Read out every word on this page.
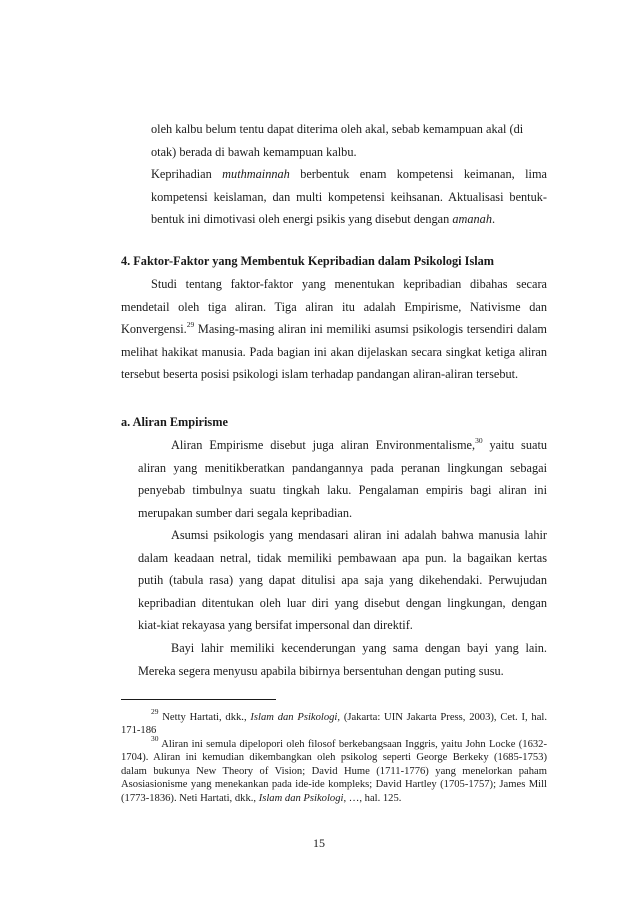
oleh kalbu belum tentu dapat diterima oleh akal, sebab kemampuan akal (di
otak) berada di bawah kemampuan kalbu.
Keprihadian muthmainnah berbentuk enam kompetensi keimanan, lima kompetensi keislaman, dan multi kompetensi keihsanan. Aktualisasi bentuk-bentuk ini dimotivasi oleh energi psikis yang disebut dengan amanah.
4. Faktor-Faktor yang Membentuk Kepribadian dalam Psikologi Islam
Studi tentang faktor-faktor yang menentukan kepribadian dibahas secara mendetail oleh tiga aliran. Tiga aliran itu adalah Empirisme, Nativisme dan Konvergensi.$^{29}$ Masing-masing aliran ini memiliki asumsi psikologis tersendiri dalam melihat hakikat manusia. Pada bagian ini akan dijelaskan secara singkat ketiga aliran tersebut beserta posisi psikologi islam terhadap pandangan aliran-aliran tersebut.
a. Aliran Empirisme
Aliran Empirisme disebut juga aliran Environmentalisme,$^{30}$ yaitu suatu aliran yang menitikberatkan pandangannya pada peranan lingkungan sebagai penyebab timbulnya suatu tingkah laku. Pengalaman empiris bagi aliran ini merupakan sumber dari segala kepribadian.
Asumsi psikologis yang mendasari aliran ini adalah bahwa manusia lahir dalam keadaan netral, tidak memiliki pembawaan apa pun. la bagaikan kertas putih (tabula rasa) yang dapat ditulisi apa saja yang dikehendaki. Perwujudan kepribadian ditentukan oleh luar diri yang disebut dengan lingkungan, dengan kiat-kiat rekayasa yang bersifat impersonal dan direktif.
Bayi lahir memiliki kecenderungan yang sama dengan bayi yang lain. Mereka segera menyusu apabila bibirnya bersentuhan dengan puting susu.
$^{29}$ Netty Hartati, dkk., Islam dan Psikologi, (Jakarta: UIN Jakarta Press, 2003), Cet. I, hal. 171-186
$^{30}$ Aliran ini semula dipelopori oleh filosof berkebangsaan Inggris, yaitu John Locke (1632-1704). Aliran ini kemudian dikembangkan oleh psikolog seperti George Berkeky (1685-1753) dalam bukunya New Theory of Vision; David Hume (1711-1776) yang menelorkan paham Asosiasionisme yang menekankan pada ide-ide kompleks; David Hartley (1705-1757); James Mill (1773-1836). Neti Hartati, dkk., Islam dan Psikologi, …, hal. 125.
15
